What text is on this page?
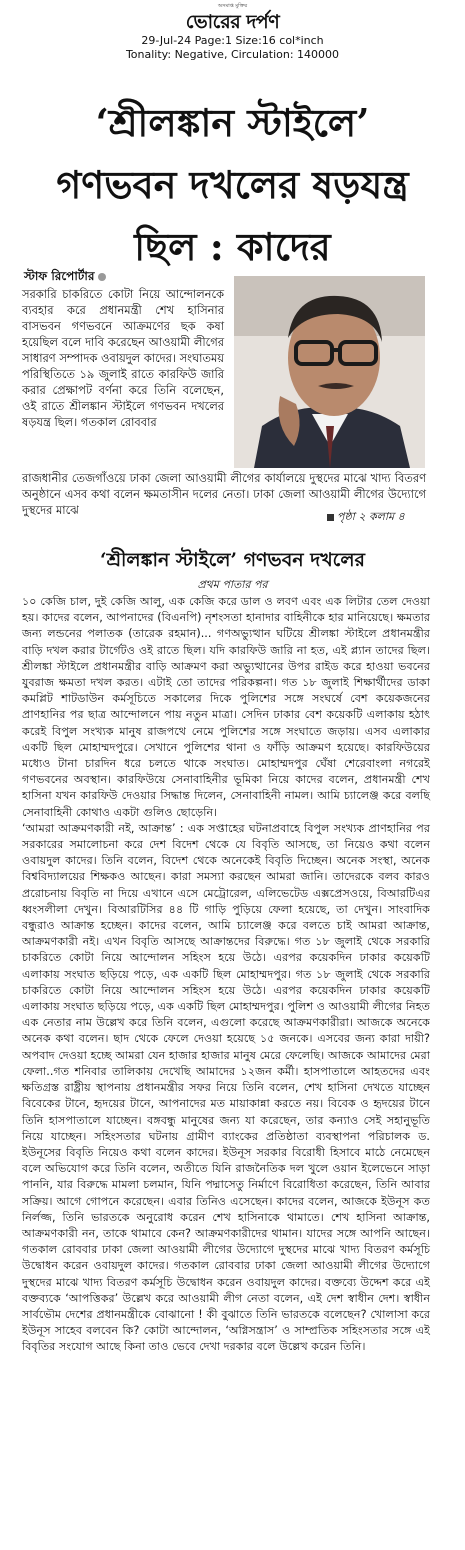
অসমাপ্ত মুক্তির
ভোরের দর্পণ
29-Jul-24 Page:1 Size:16 col*inch
Tonality: Negative, Circulation: 140000
‘শ্রীলঙ্কান স্টাইলে’
গণভবন দখলের ষড়যন্ত্র
ছিল : কাদের
স্টাফ রিপোর্টার
সরকারি চাকরিতে কোটা নিয়ে আন্দোলনকে ব্যবহার করে প্রধানমন্ত্রী শেখ হাসিনার বাসভবন গণভবনে আক্রমণের ছক কষা হয়েছিল বলে দাবি করেছেন আওয়ামী লীগের সাধারণ সম্পাদক ওবায়দুল কাদের। সংঘাতময় পরিস্থিতিতে ১৯ জুলাই রাতে কারফিউ জারি করার প্রেক্ষাপট বর্ণনা করে তিনি বলেছেন, ওই রাতে শ্রীলঙ্কান স্টাইলে গণভবন দখলের ষড়যন্ত্র ছিল। গতকাল রোববার
রাজধানীর তেজগাঁওয়ে ঢাকা জেলা আওয়ামী লীগের কার্যালয়ে দুস্থদের মাঝে খাদ্য বিতরণ অনুষ্ঠানে এসব কথা বলেন ক্ষমতাসীন দলের নেতা। ঢাকা জেলা আওয়ামী লীগের উদ্যোগে দুস্থদের মাঝে	পৃষ্ঠা ২ কলাম ৪
‘শ্রীলঙ্কান স্টাইলে’ গণভবন দখলের
প্রথম পাতার পর

১০ কেজি চাল, দুই কেজি আলু, এক কেজি করে ডাল ও লবণ এবং এক লিটার তেল দেওয়া হয়। কাদের বলেন, আপনাদের (বিএনপি) নৃশংসতা হানাদার বাহিনীকে হার মানিয়েছে। ক্ষমতার জন্য লন্ডনের পলাতক (তারেক রহমান)... গণঅভ্যুত্থান ঘটিয়ে শ্রীলঙ্কা স্টাইলে প্রধানমন্ত্রীর বাড়ি দখল করার টার্গেটও ওই রাতে ছিল। যদি কারফিউ জারি না হত, এই প্ল্যান তাদের ছিল। শ্রীলঙ্কা স্টাইলে প্রধানমন্ত্রীর বাড়ি আক্রমণ করা অভ্যুত্থানের উপর রাইড করে হাওয়া ভবনের যুবরাজ ক্ষমতা দখল করত। এটাই তো তাদের পরিকল্পনা। গত ১৮ জুলাই শিক্ষার্থীদের ডাকা কমপ্লিট শাটডাউন কর্মসূচিতে সকালের দিকে পুলিশের সঙ্গে সংঘর্ষে বেশ কয়েকজনের প্রাণহানির পর ছাত্র আন্দোলনে পায় নতুন মাত্রা। সেদিন ঢাকার বেশ কয়েকটি এলাকায় হঠাৎ করেই বিপুল সংখ্যক মানুষ রাজপথে নেমে পুলিশের সঙ্গে সংঘাতে জড়ায়। এসব এলাকার একটি ছিল মোহাম্মদপুরে। সেখানে পুলিশের থানা ও ফাঁড়ি আক্রমণ হয়েছে। কারফিউয়ের মধ্যেও টানা চারদিন ধরে চলতে থাকে সংঘাত। মোহাম্মদপুর ঘেঁষা শেরেবাংলা নগরেই গণভবনের অবস্থান। কারফিউয়ে সেনাবাহিনীর ভূমিকা নিয়ে কাদের বলেন, প্রধানমন্ত্রী শেখ হাসিনা যখন কারফিউ দেওয়ার সিদ্ধান্ত দিলেন, সেনাবাহিনী নামল। আমি চ্যালেঞ্জ করে বলছি সেনাবাহিনী কোথাও একটা গুলিও ছোড়েনি।

‘আমরা আক্রমণকারী নই, আক্রান্ত’ : এক সপ্তাহের ঘটনাপ্রবাহে বিপুল সংখ্যক প্রাণহানির পর সরকারের সমালোচনা করে দেশ বিদেশ থেকে যে বিবৃতি আসছে, তা নিয়েও কথা বলেন ওবায়দুল কাদের। তিনি বলেন, বিদেশ থেকে অনেকেই বিবৃতি দিচ্ছেন। অনেক সংস্থা, অনেক বিশ্ববিদ্যালয়ের শিক্ষকও আছেন। কারা সমস্যা করছেন আমরা জানি। তাদেরকে বলব কারও প্ররোচনায় বিবৃতি না দিয়ে এখানে এসে মেট্রোরেল, এলিভেটেড এক্সপ্রেসওয়ে, বিআরটিএর ধ্বংসলীলা দেখুন। বিআরটিসির ৪৪ টি গাড়ি পুড়িয়ে ফেলা হয়েছে, তা দেখুন। সাংবাদিক বন্ধুরাও আক্রান্ত হচ্ছেন। কাদের বলেন, আমি চ্যালেঞ্জ করে বলতে চাই আমরা আক্রান্ত, আক্রমণকারী নই। এখন বিবৃতি আসছে আক্রান্তদের বিরুদ্ধে। গত ১৮ জুলাই থেকে সরকারি চাকরিতে কোটা নিয়ে আন্দোলন সহিংস হয়ে উঠে। এরপর কয়েকদিন ঢাকার কয়েকটি এলাকায় সংঘাত ছড়িয়ে পড়ে, এক একটি ছিল মোহাম্মদপুর। গত ১৮ জুলাই থেকে সরকারি চাকরিতে কোটা নিয়ে আন্দোলন সহিংস হয়ে উঠে। এরপর কয়েকদিন ঢাকার কয়েকটি এলাকায় সংঘাত ছড়িয়ে পড়ে, এক একটি ছিল মোহাম্মদপুর। পুলিশ ও আওয়ামী লীগের নিহত এক নেতার নাম উল্লেখ করে তিনি বলেন, এগুলো করেছে আক্রমণকারীরা। আজকে অনেকে অনেক কথা বলেন। ছাদ থেকে ফেলে দেওয়া হয়েছে ১৫ জনকে। এসবের জন্য কারা দায়ী? অপবাদ দেওয়া হচ্ছে আমরা যেন হাজার হাজার মানুষ মেরে ফেলেছি। আজকে আমাদের মেরা ফেলা..গত শনিবার তালিকায় দেখেছি আমাদের ১২জন কর্মী। হাসপাতালে আহতদের এবং ক্ষতিগ্রস্ত রাষ্ট্রীয় স্থাপনায় প্রধানমন্ত্রীর সফর নিয়ে তিনি বলেন, শেখ হাসিনা দেখতে যাচ্ছেন বিবেকের টানে, হৃদয়ের টানে, আপনাদের মত মায়াকান্না করতে নয়। বিবেক ও হৃদয়ের টানে তিনি হাসপাতালে যাচ্ছেন। বঙ্গবন্ধু মানুষের জন্য যা করেছেন, তার কন্যাও সেই সহানুভূতি নিয়ে যাচ্ছেন। সহিংসতার ঘটনায় গ্রামীণ ব্যাংকের প্রতিষ্ঠাতা ব্যবস্থাপনা পরিচালক ড. ইউনূসের বিবৃতি নিয়েও কথা বলেন কাদের। ইউনূস সরকার বিরোধী হিসাবে মাঠে নেমেছেন বলে অভিযোগ করে তিনি বলেন, অতীতে যিনি রাজনৈতিক দল খুলে ওয়ান ইলেভেনে সাড়া পাননি, যার বিরুদ্ধে মামলা চলমান, যিনি পদ্মাসেতু নির্মাণে বিরোধিতা করেছেন, তিনি আবার সক্রিয়। আগে গোপনে করেছেন। এবার তিনিও এসেছেন। কাদের বলেন, আজকে ইউনূস কত নির্লজ্জ, তিনি ভারতকে অনুরোধ করেন শেখ হাসিনাকে থামাতে। শেখ হাসিনা আক্রান্ত, আক্রমণকারী নন, তাকে থামাবে কেন? আক্রমণকারীদের থামান। যাদের সঙ্গে আপনি আছেন। গতকাল রোববার ঢাকা জেলা আওয়ামী লীগের উদ্যোগে দুস্থদের মাঝে খাদ্য বিতরণ কর্মসূচি উদ্বোধন করেন ওবায়দুল কাদের। গতকাল রোববার ঢাকা জেলা আওয়ামী লীগের উদ্যোগে দুস্থদের মাঝে খাদ্য বিতরণ কর্মসূচি উদ্বোধন করেন ওবায়দুল কাদের। বক্তব্যে উদ্দেশ করে এই বক্তব্যকে ‘আপত্তিকর’ উল্লেখ করে আওয়ামী লীগ নেতা বলেন, এই দেশ স্বাধীন দেশ। স্বাধীন সার্বভৌম দেশের প্রধানমন্ত্রীকে বোঝানো ! কী বুঝাতে তিনি ভারতকে বলেছেন? খোলাসা করে ইউনূস সাহেব বলবেন কি? কোটা আন্দোলন, ‘অগ্নিসন্ত্রাস’ ও সাম্প্রতিক সহিংসতার সঙ্গে এই বিবৃতির সংযোগ আছে কিনা তাও ভেবে দেখা দরকার বলে উল্লেখ করেন তিনি।
